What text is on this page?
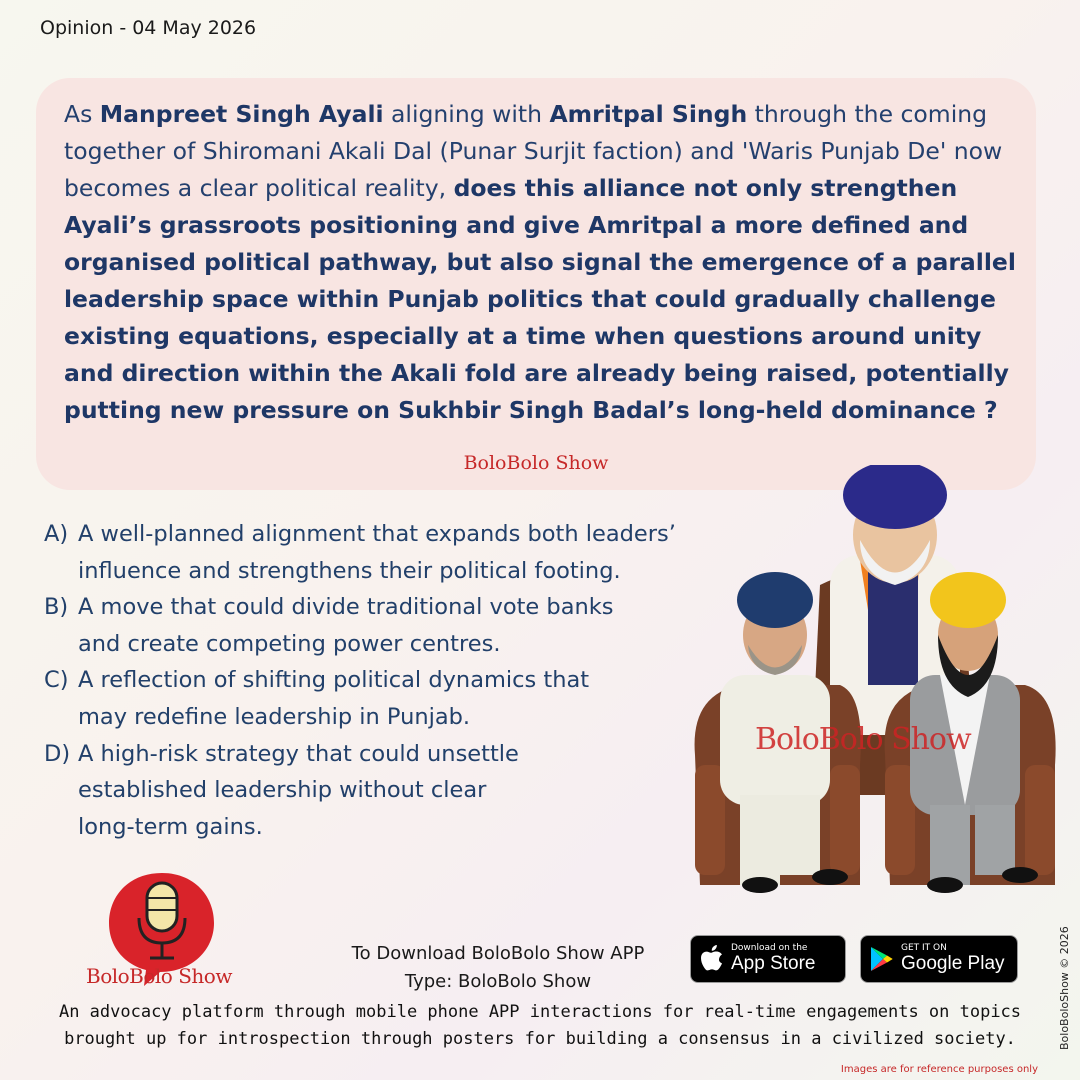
Opinion - 04 May 2026
As Manpreet Singh Ayali aligning with Amritpal Singh through the coming together of Shiromani Akali Dal (Punar Surjit faction) and 'Waris Punjab De' now becomes a clear political reality, does this alliance not only strengthen Ayali’s grassroots positioning and give Amritpal a more defined and organised political pathway, but also signal the emergence of a parallel leadership space within Punjab politics that could gradually challenge existing equations, especially at a time when questions around unity and direction within the Akali fold are already being raised, potentially putting new pressure on Sukhbir Singh Badal’s long-held dominance ?
BoloBolo Show
A) A well-planned alignment that expands both leaders’
influence and strengthens their political footing.
B) A move that could divide traditional vote banks
and create competing power centres.
C) A reflection of shifting political dynamics that
may redefine leadership in Punjab.
D) A high-risk strategy that could unsettle
established leadership without clear
long-term gains.
BoloBolo Show
BoloBolo Show
To Download BoloBolo Show APP
Type: BoloBolo Show
Download on the
App Store
GET IT ON
Google Play
An advocacy platform through mobile phone APP interactions for real-time engagements on topics
brought up for introspection through posters for building a consensus in a civilized society.	BoloBoloShow © 2026
Images are for reference purposes only
